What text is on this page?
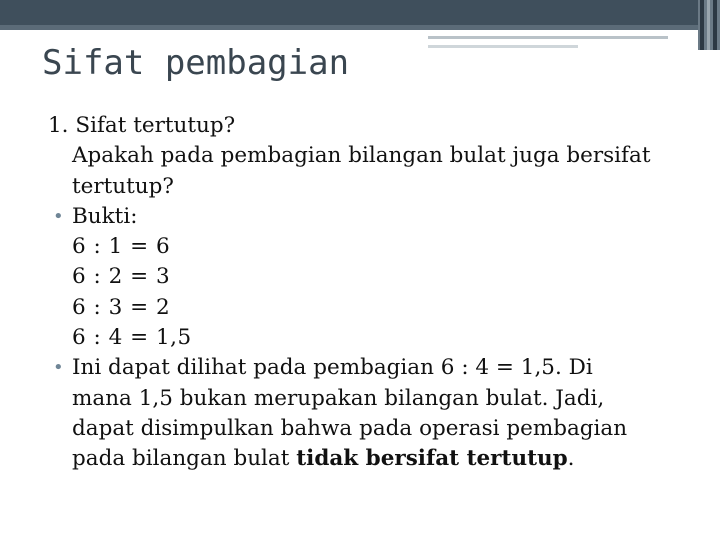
Sifat pembagian

1. Sifat tertutup?

Apakah pada pembagian bilangan bulat juga bersifat

tertutup?

• Bukti:

6 : 1 = 6

6 : 2 = 3

6 : 3 = 2

6 : 4 = 1,5

• Ini dapat dilihat pada pembagian 6 : 4 = 1,5. Di

mana 1,5 bukan merupakan bilangan bulat. Jadi,

dapat disimpulkan bahwa pada operasi pembagian

pada bilangan bulat tidak bersifat tertutup.
